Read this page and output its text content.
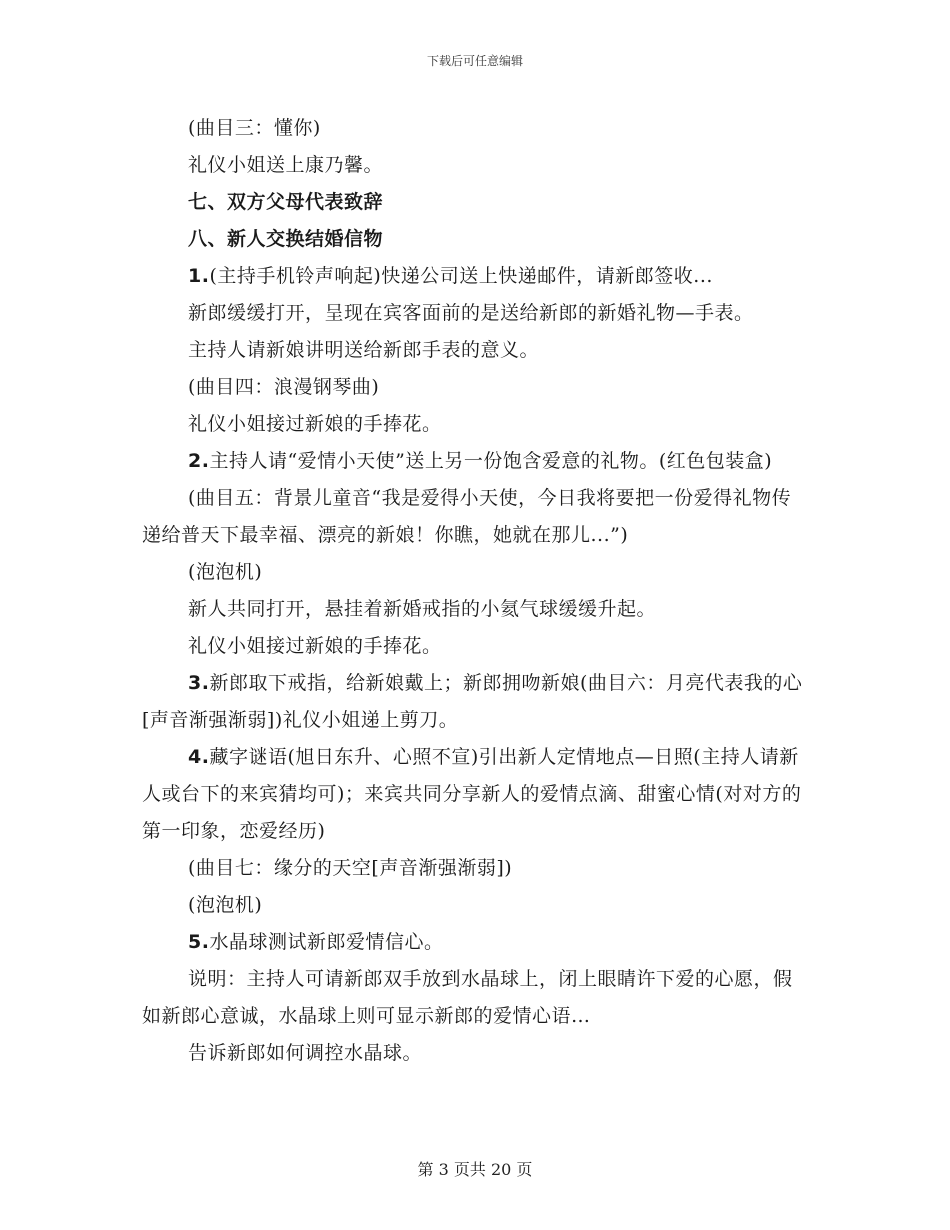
下载后可任意编辑

(曲目三：懂你)

礼仪小姐送上康乃馨。

七、双方父母代表致辞

八、新人交换结婚信物

1.(主持手机铃声响起)快递公司送上快递邮件，请新郎签收...

新郎缓缓打开，呈现在宾客面前的是送给新郎的新婚礼物—手表。

主持人请新娘讲明送给新郎手表的意义。

(曲目四：浪漫钢琴曲)

礼仪小姐接过新娘的手捧花。

2.主持人请“爱情小天使”送上另一份饱含爱意的礼物。(红色包装盒)

(曲目五：背景儿童音“我是爱得小天使，今日我将要把一份爱得礼物传递给普天下最幸福、漂亮的新娘！你瞧，她就在那儿...”)

(泡泡机)

新人共同打开，悬挂着新婚戒指的小氦气球缓缓升起。

礼仪小姐接过新娘的手捧花。

3.新郎取下戒指，给新娘戴上；新郎拥吻新娘(曲目六：月亮代表我的心[声音渐强渐弱])礼仪小姐递上剪刀。

4.藏字谜语(旭日东升、心照不宣)引出新人定情地点—日照(主持人请新人或台下的来宾猜均可)；来宾共同分享新人的爱情点滴、甜蜜心情(对对方的第一印象，恋爱经历)

(曲目七：缘分的天空[声音渐强渐弱])

(泡泡机)

5.水晶球测试新郎爱情信心。

说明：主持人可请新郎双手放到水晶球上，闭上眼睛许下爱的心愿，假如新郎心意诚，水晶球上则可显示新郎的爱情心语…

告诉新郎如何调控水晶球。

第 3 页共 20 页
